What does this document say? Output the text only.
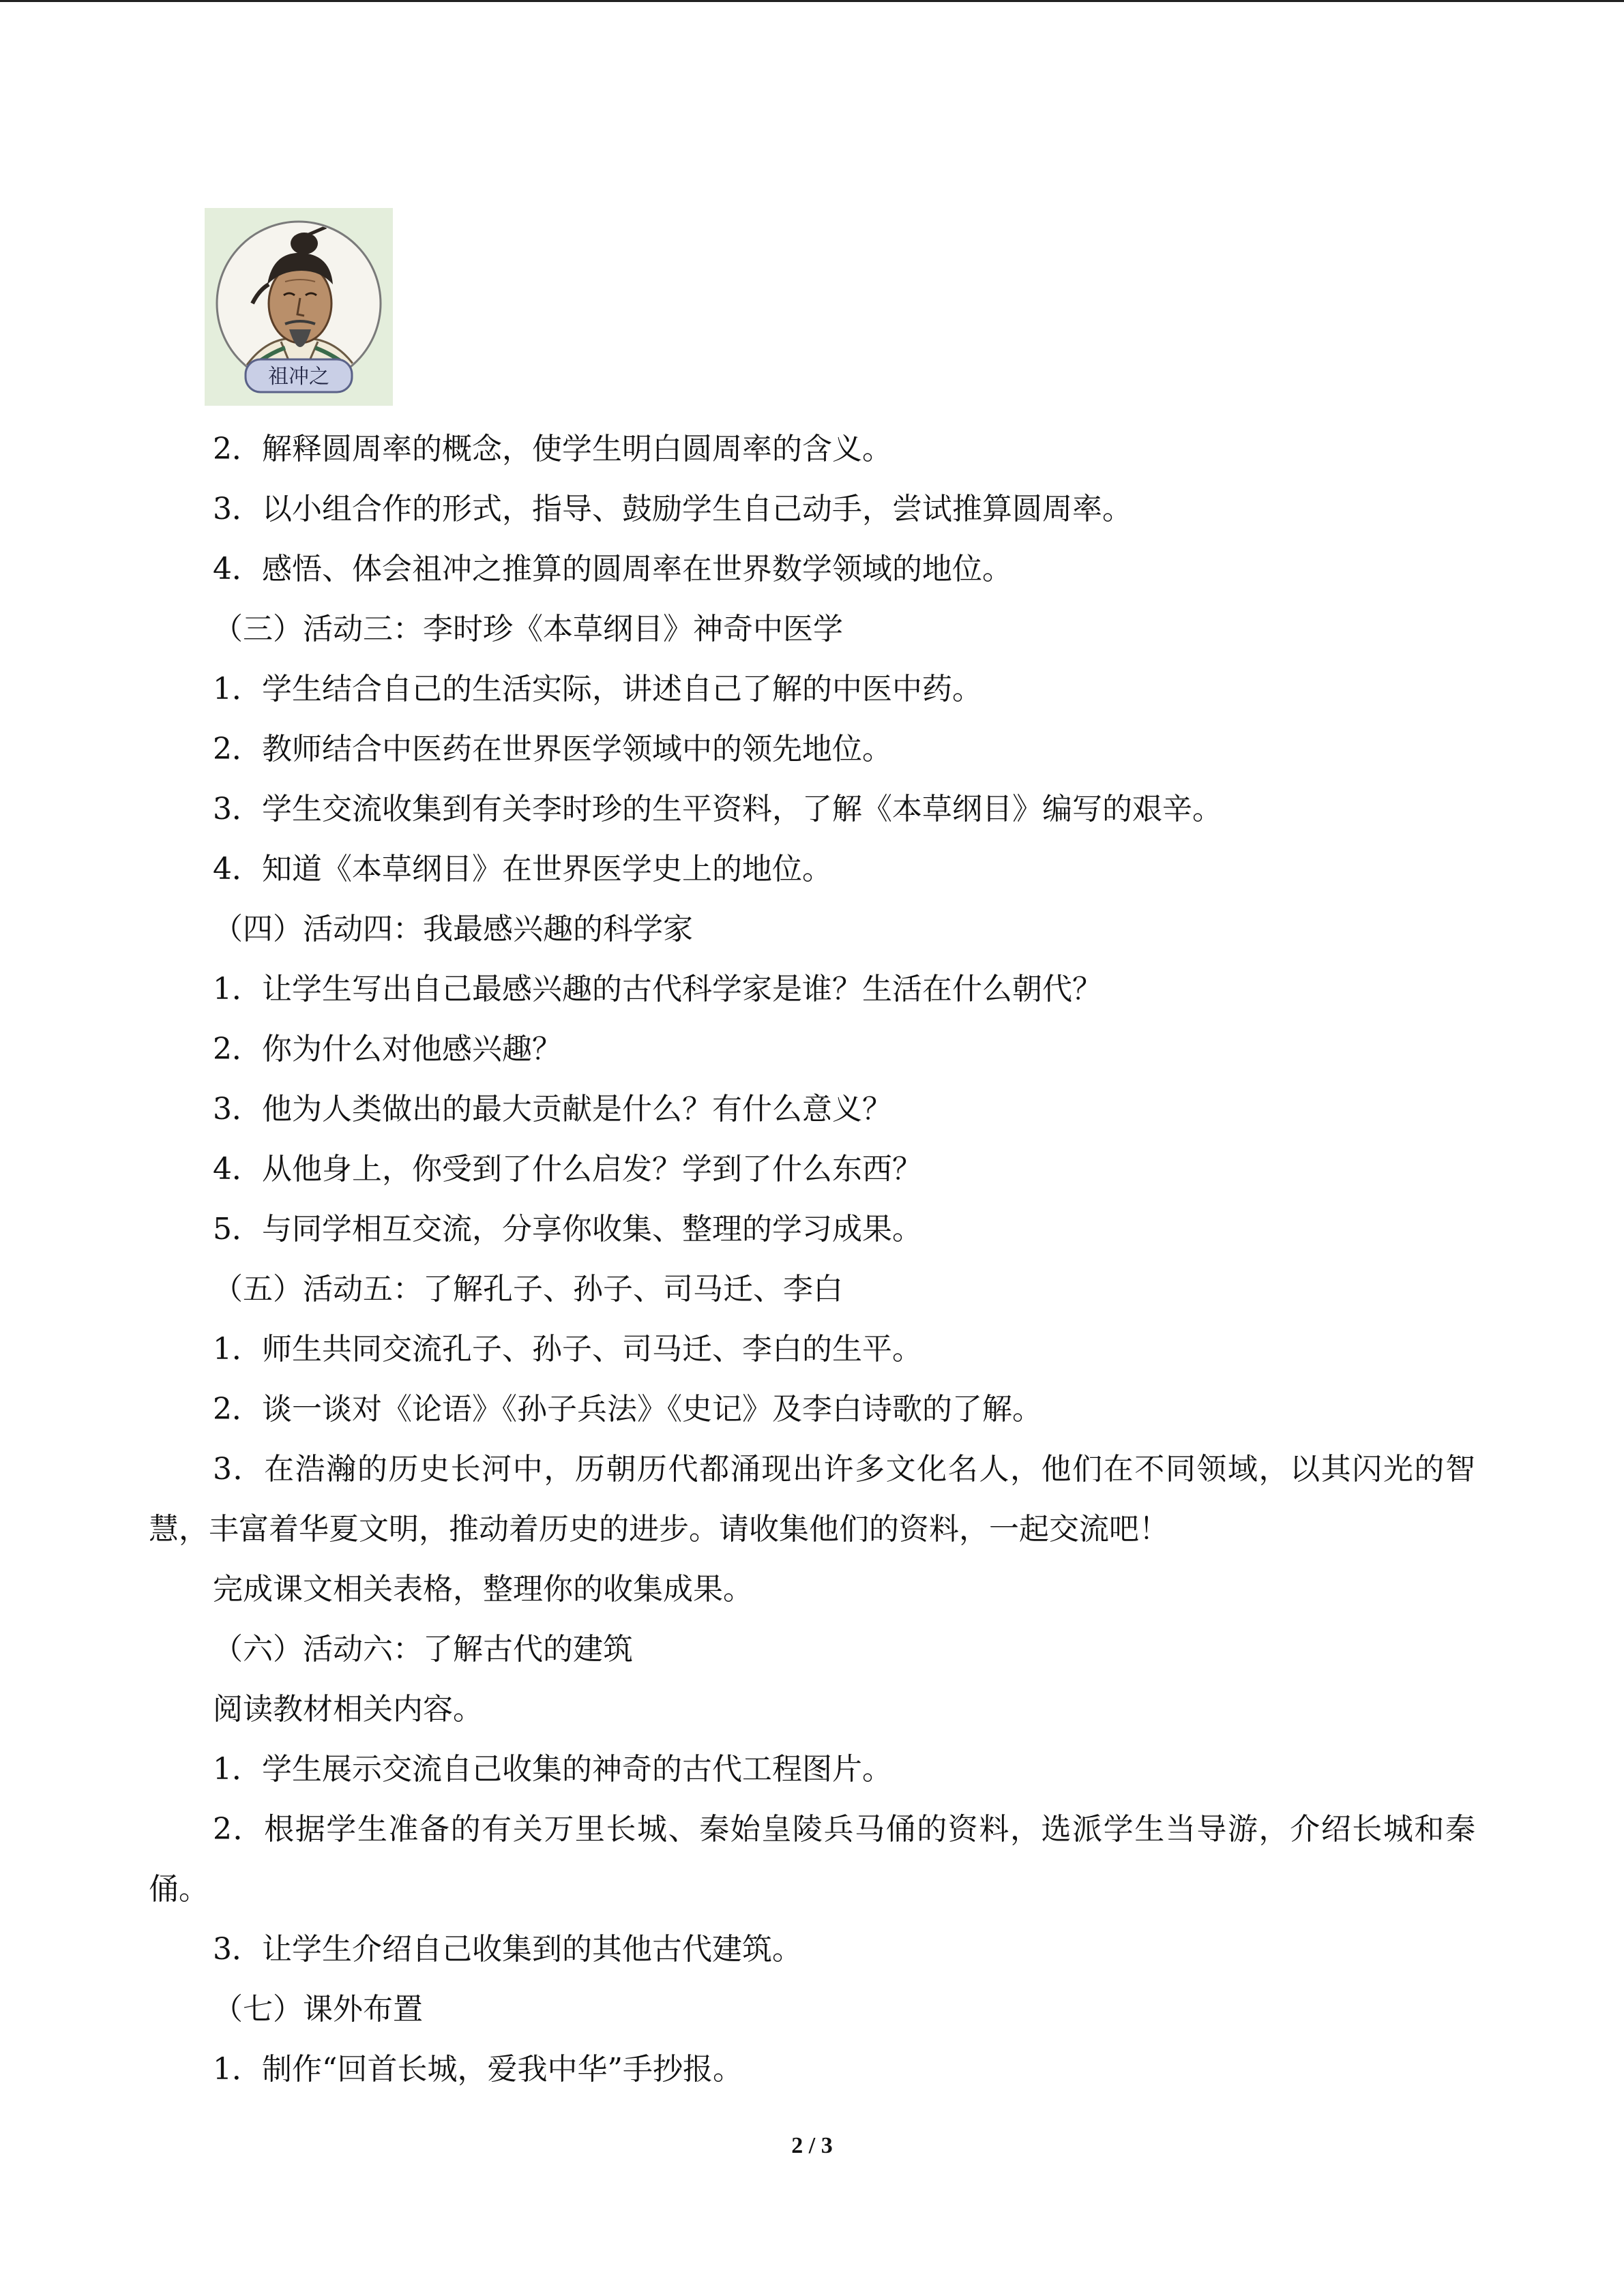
祖冲之

2．解释圆周率的概念，使学生明白圆周率的含义。

3．以小组合作的形式，指导、鼓励学生自己动手，尝试推算圆周率。

4．感悟、体会祖冲之推算的圆周率在世界数学领域的地位。

（三）活动三：李时珍《本草纲目》神奇中医学

1．学生结合自己的生活实际，讲述自己了解的中医中药。

2．教师结合中医药在世界医学领域中的领先地位。

3．学生交流收集到有关李时珍的生平资料，了解《本草纲目》编写的艰辛。

4．知道《本草纲目》在世界医学史上的地位。

（四）活动四：我最感兴趣的科学家

1．让学生写出自己最感兴趣的古代科学家是谁？生活在什么朝代？

2．你为什么对他感兴趣？

3．他为人类做出的最大贡献是什么？有什么意义？

4．从他身上，你受到了什么启发？学到了什么东西？

5．与同学相互交流，分享你收集、整理的学习成果。

（五）活动五：了解孔子、孙子、司马迁、李白

1．师生共同交流孔子、孙子、司马迁、李白的生平。

2．谈一谈对《论语》《孙子兵法》《史记》及李白诗歌的了解。

3．在浩瀚的历史长河中，历朝历代都涌现出许多文化名人，他们在不同领域，以其闪光的智慧，丰富着华夏文明，推动着历史的进步。请收集他们的资料，一起交流吧！

完成课文相关表格，整理你的收集成果。

（六）活动六：了解古代的建筑

阅读教材相关内容。

1．学生展示交流自己收集的神奇的古代工程图片。

2．根据学生准备的有关万里长城、秦始皇陵兵马俑的资料，选派学生当导游，介绍长城和秦俑。

3．让学生介绍自己收集到的其他古代建筑。

（七）课外布置

1．制作“回首长城，爱我中华”手抄报。

2 / 3
